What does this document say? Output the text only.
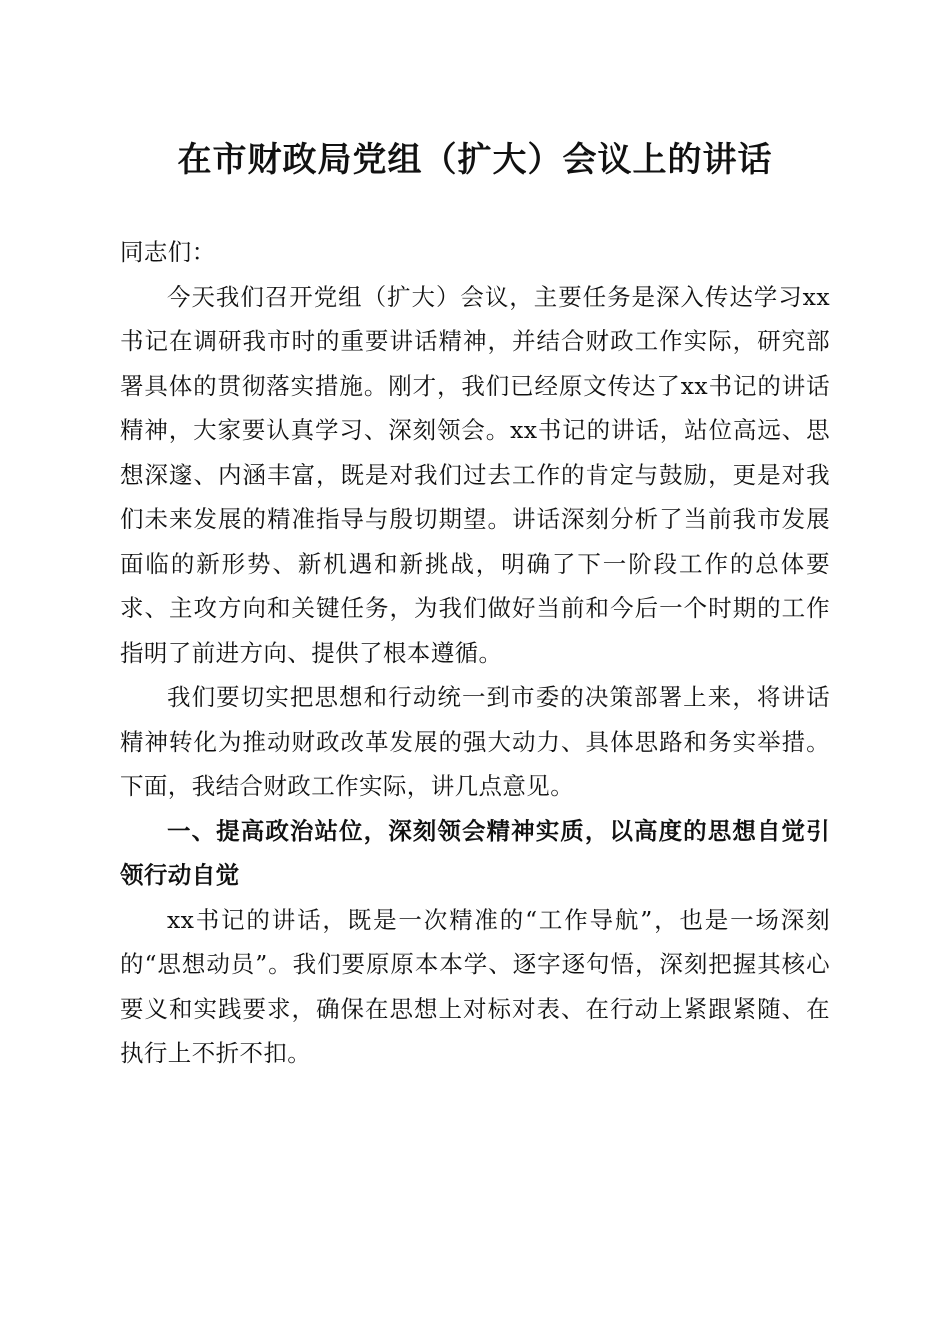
在市财政局党组（扩大）会议上的讲话

同志们：

今天我们召开党组（扩大）会议，主要任务是深入传达学习xx书记在调研我市时的重要讲话精神，并结合财政工作实际，研究部署具体的贯彻落实措施。刚才，我们已经原文传达了xx书记的讲话精神，大家要认真学习、深刻领会。xx书记的讲话，站位高远、思想深邃、内涵丰富，既是对我们过去工作的肯定与鼓励，更是对我们未来发展的精准指导与殷切期望。讲话深刻分析了当前我市发展面临的新形势、新机遇和新挑战，明确了下一阶段工作的总体要求、主攻方向和关键任务，为我们做好当前和今后一个时期的工作指明了前进方向、提供了根本遵循。

我们要切实把思想和行动统一到市委的决策部署上来，将讲话精神转化为推动财政改革发展的强大动力、具体思路和务实举措。下面，我结合财政工作实际，讲几点意见。

一、提高政治站位，深刻领会精神实质，以高度的思想自觉引领行动自觉

xx书记的讲话，既是一次精准的“工作导航”，也是一场深刻的“思想动员”。我们要原原本本学、逐字逐句悟，深刻把握其核心要义和实践要求，确保在思想上对标对表、在行动上紧跟紧随、在执行上不折不扣。
